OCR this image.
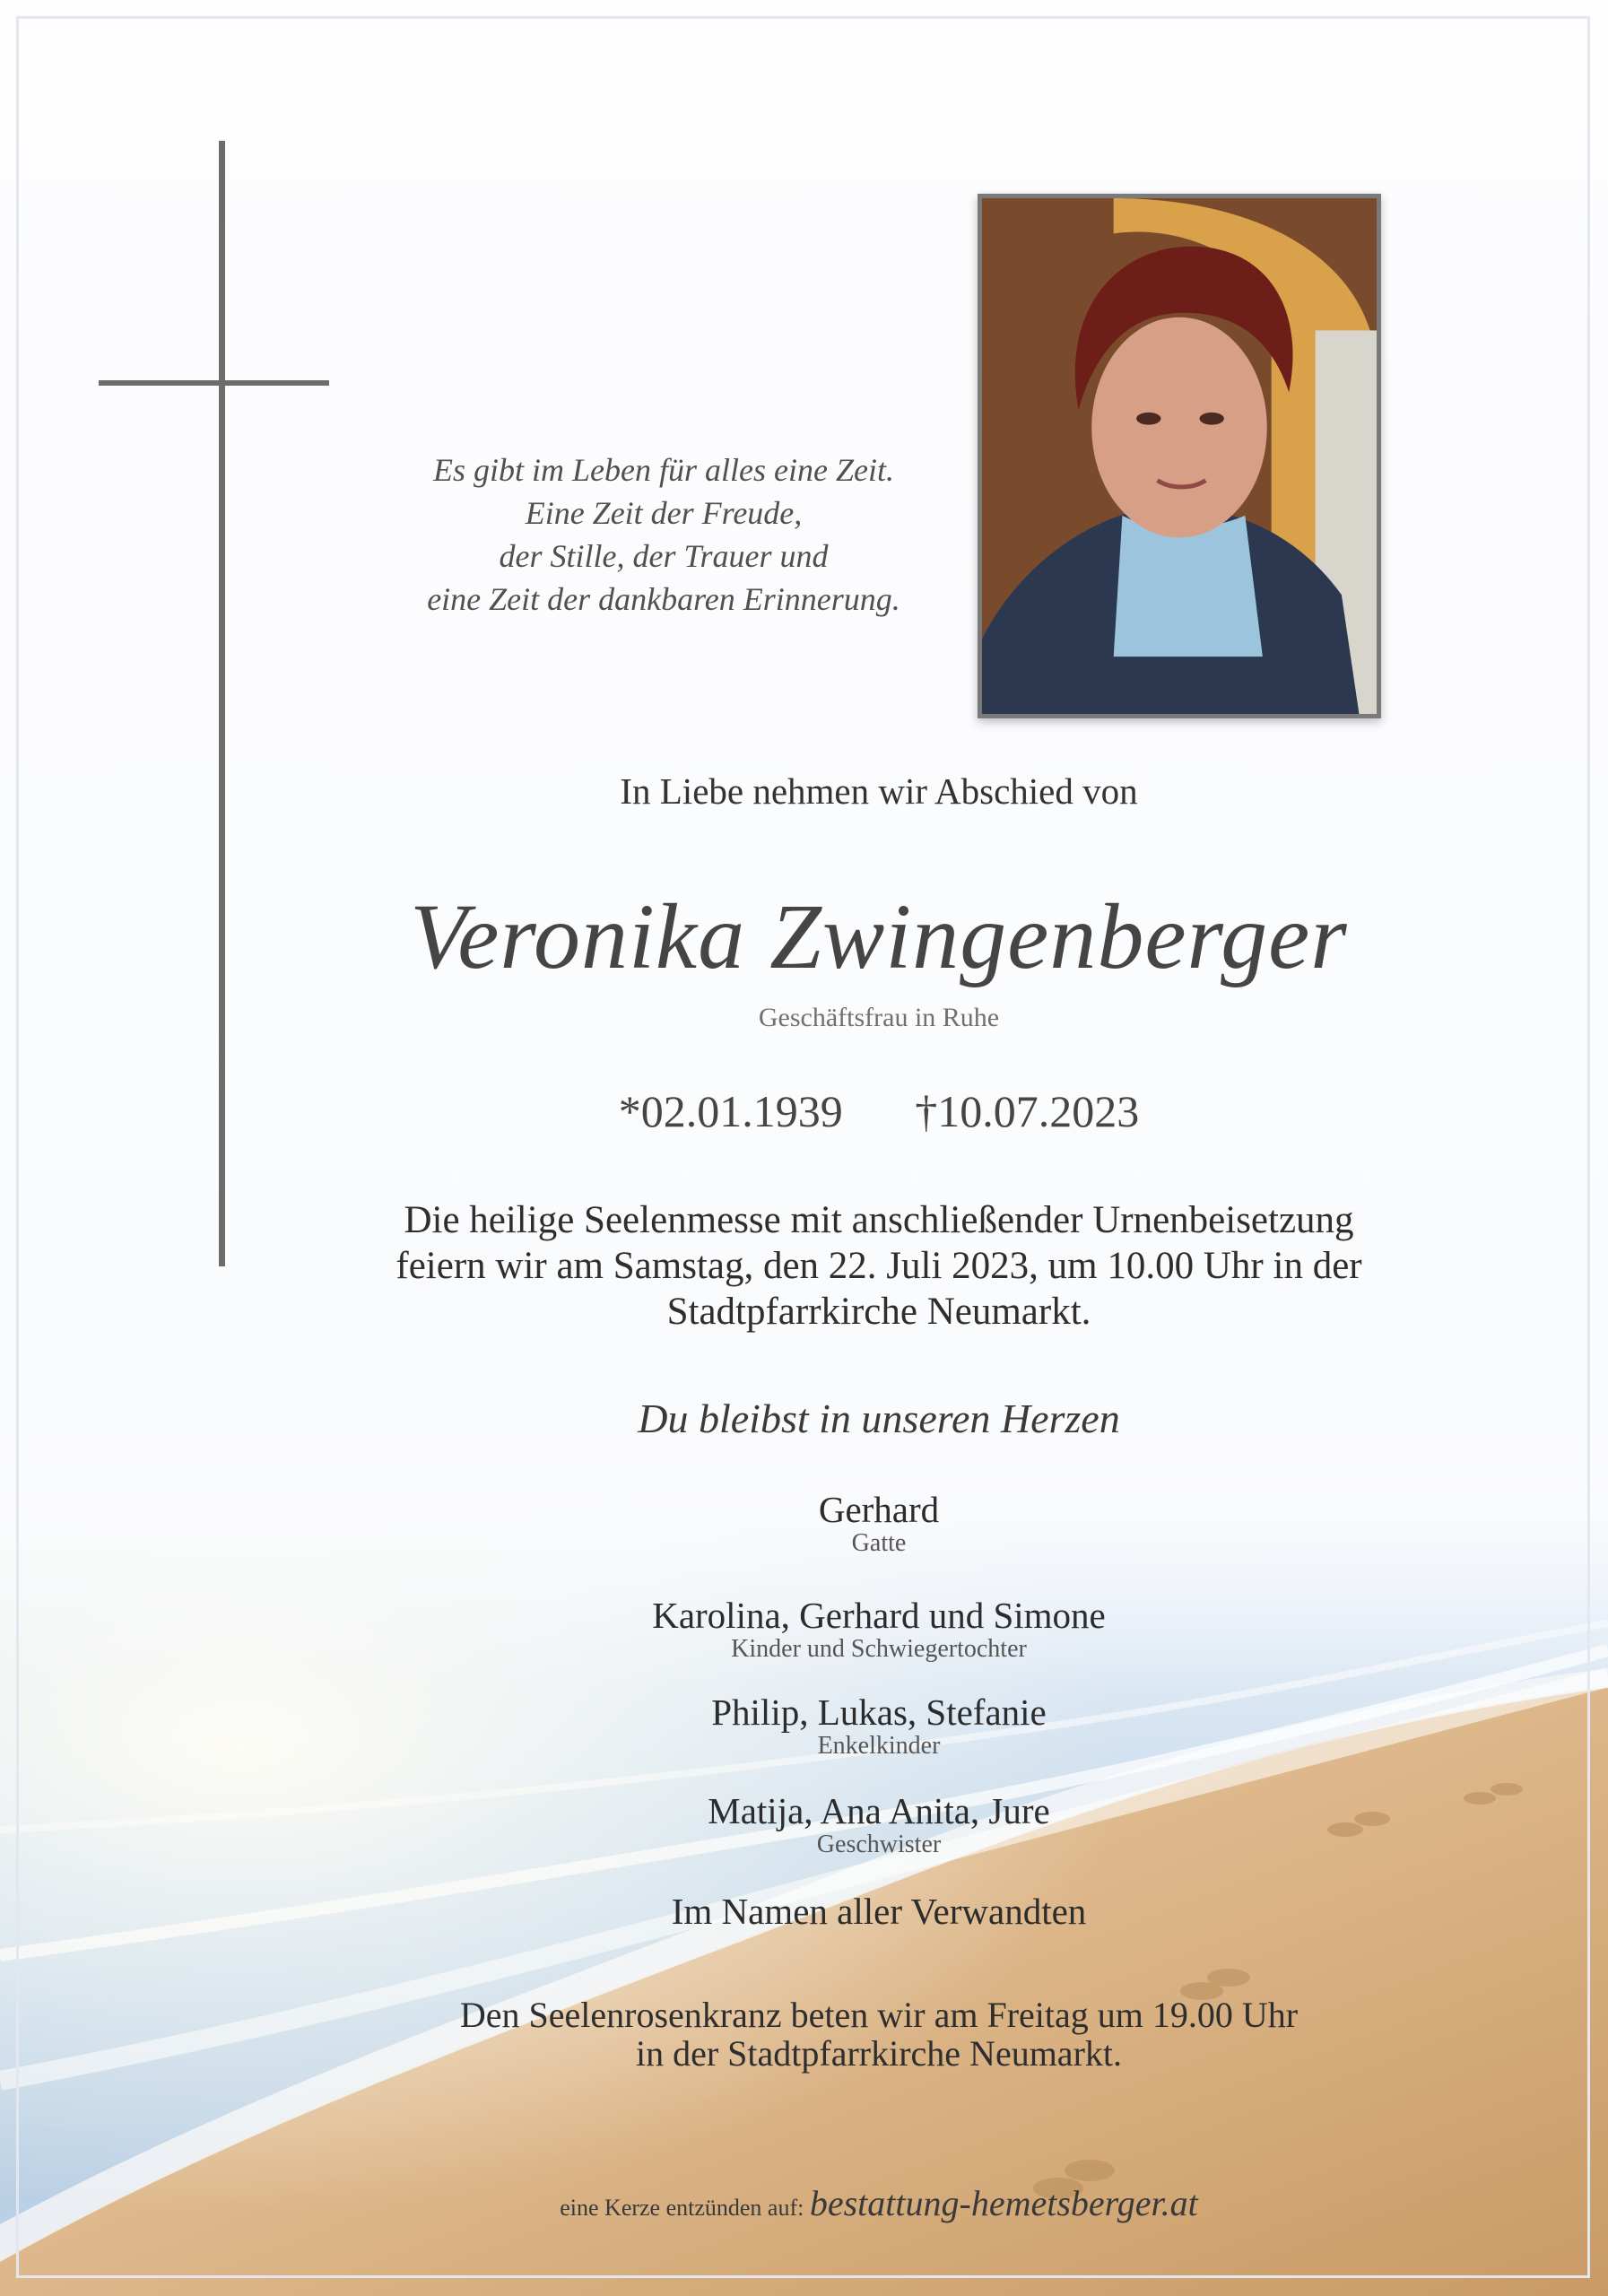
Es gibt im Leben für alles eine Zeit.
Eine Zeit der Freude,
der Stille, der Trauer und
eine Zeit der dankbaren Erinnerung.
In Liebe nehmen wir Abschied von
Veronika Zwingenberger
Geschäftsfrau in Ruhe
*02.01.1939 †10.07.2023
Die heilige Seelenmesse mit anschließender Urnenbeisetzung
feiern wir am Samstag, den 22. Juli 2023, um 10.00 Uhr in der
Stadtpfarrkirche Neumarkt.
Du bleibst in unseren Herzen
Gerhard
Gatte
Karolina, Gerhard und Simone
Kinder und Schwiegertochter
Philip, Lukas, Stefanie
Enkelkinder
Matija, Ana Anita, Jure
Geschwister
Im Namen aller Verwandten
Den Seelenrosenkranz beten wir am Freitag um 19.00 Uhr
in der Stadtpfarrkirche Neumarkt.
eine Kerze entzünden auf: bestattung-hemetsberger.at
